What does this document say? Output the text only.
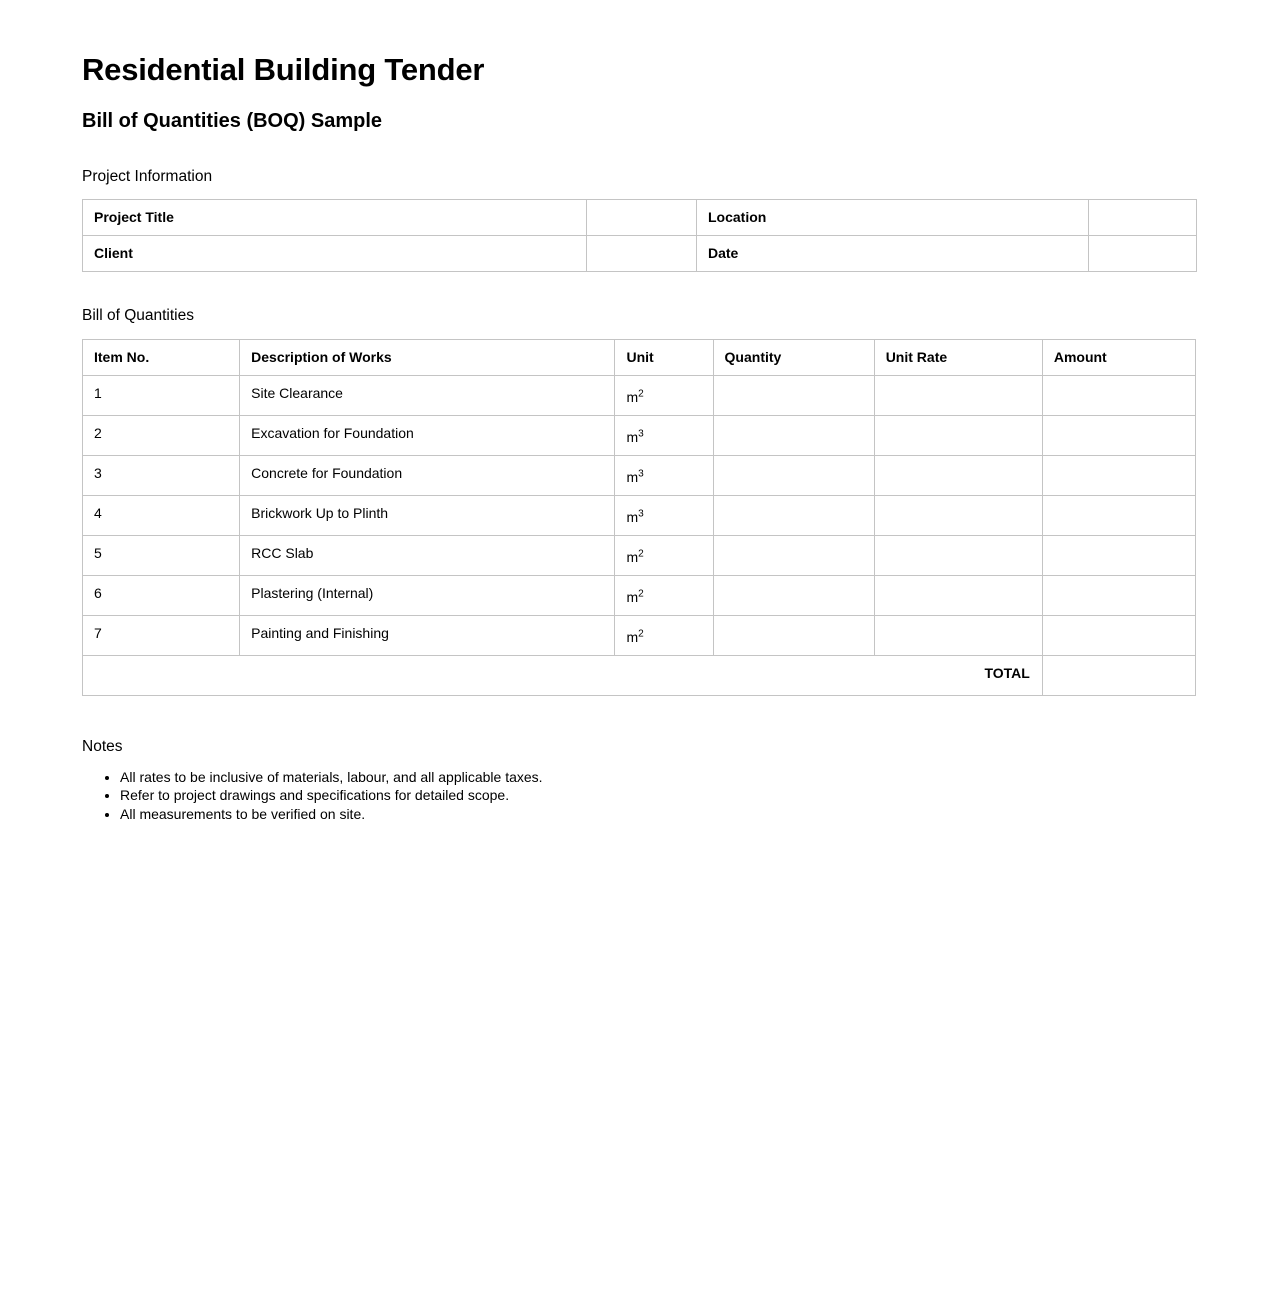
Residential Building Tender
Bill of Quantities (BOQ) Sample
Project Information
Project Title		Location	
Client		Date	
Bill of Quantities
Item No.	Description of Works	Unit	Quantity	Unit Rate	Amount
1	Site Clearance	$m^2$			
2	Excavation for Foundation	$m^3$			
3	Concrete for Foundation	$m^3$			
4	Brickwork Up to Plinth	$m^3$			
5	RCC Slab	$m^2$			
6	Plastering (Internal)	$m^2$			
7	Painting and Finishing	$m^2$			
TOTAL					
Notes
• All rates to be inclusive of materials, labour, and all applicable taxes.
• Refer to project drawings and specifications for detailed scope.
• All measurements to be verified on site.
